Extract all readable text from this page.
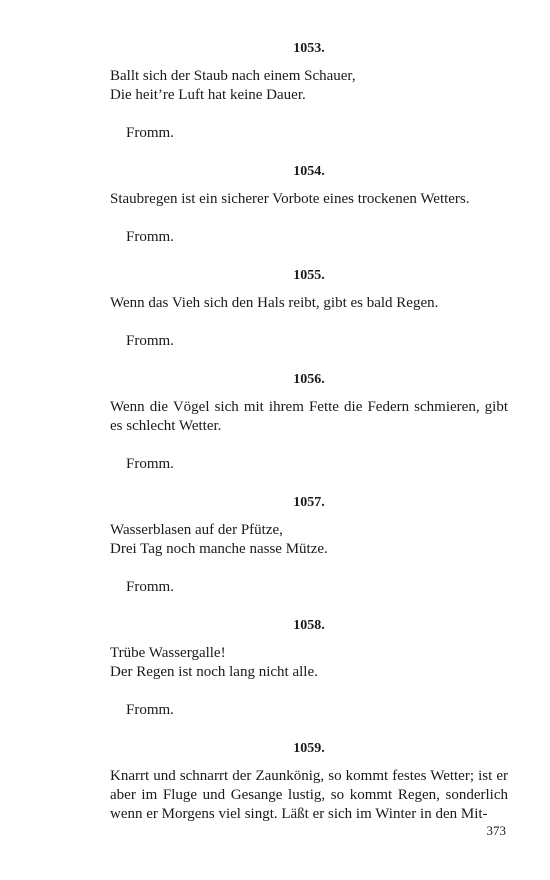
1053.
Ballt sich der Staub nach einem Schauer,
Die heit’re Luft hat keine Dauer.
Fromm.
1054.
Staubregen ist ein sicherer Vorbote eines trockenen Wetters.
Fromm.
1055.
Wenn das Vieh sich den Hals reibt, gibt es bald Regen.
Fromm.
1056.
Wenn die Vögel sich mit ihrem Fette die Federn schmieren, gibt es schlecht Wetter.
Fromm.
1057.
Wasserblasen auf der Pfütze,
Drei Tag noch manche nasse Mütze.
Fromm.
1058.
Trübe Wassergalle!
Der Regen ist noch lang nicht alle.
Fromm.
1059.
Knarrt und schnarrt der Zaunkönig, so kommt festes Wetter; ist er aber im Fluge und Gesange lustig, so kommt Regen, sonderlich wenn er Morgens viel singt. Läßt er sich im Winter in den Mit-
373
